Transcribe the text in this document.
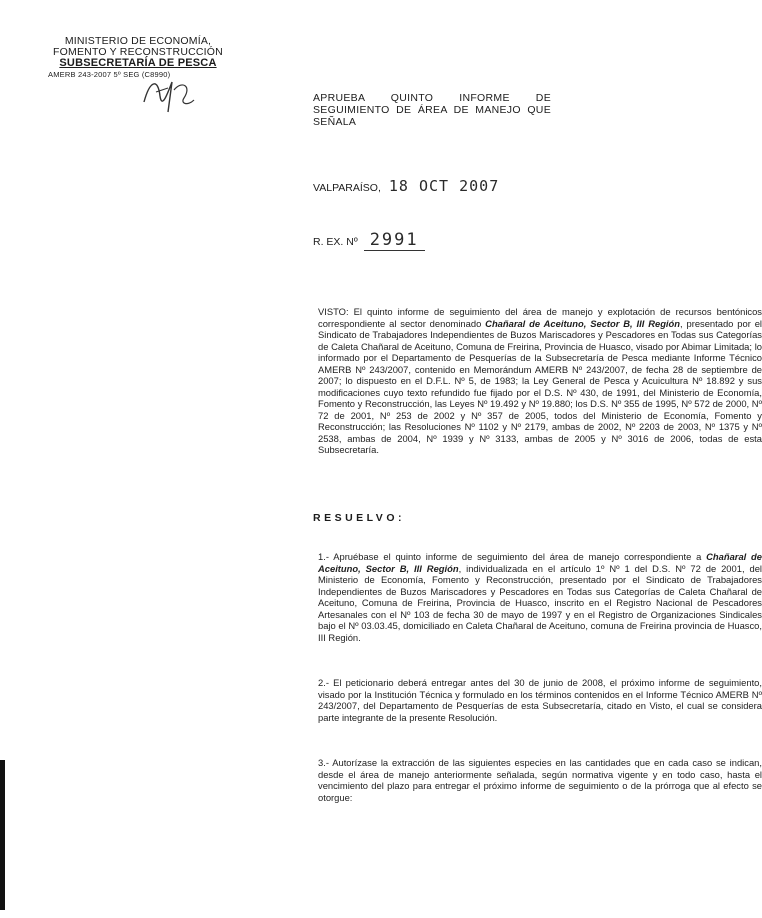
MINISTERIO DE ECONOMÍA,
FOMENTO Y RECONSTRUCCIÓN
SUBSECRETARÍA DE PESCA
AMERB 243-2007 5º SEG (C8990)
APRUEBA QUINTO INFORME DE SEGUIMIENTO DE ÁREA DE MANEJO QUE SEÑALA
VALPARAÍSO, 18 OCT 2007
R. EX. Nº 2991
VISTO: El quinto informe de seguimiento del área de manejo y explotación de recursos bentónicos correspondiente al sector denominado Chañaral de Aceituno, Sector B, III Región, presentado por el Sindicato de Trabajadores Independientes de Buzos Mariscadores y Pescadores en Todas sus Categorías de Caleta Chañaral de Aceituno, Comuna de Freirina, Provincia de Huasco, visado por Abimar Limitada; lo informado por el Departamento de Pesquerías de la Subsecretaría de Pesca mediante Informe Técnico AMERB Nº 243/2007, contenido en Memorándum AMERB Nº 243/2007, de fecha 28 de septiembre de 2007; lo dispuesto en el D.F.L. Nº 5, de 1983; la Ley General de Pesca y Acuicultura Nº 18.892 y sus modificaciones cuyo texto refundido fue fijado por el D.S. Nº 430, de 1991, del Ministerio de Economía, Fomento y Reconstrucción, las Leyes Nº 19.492 y Nº 19.880; los D.S. Nº 355 de 1995, Nº 572 de 2000, Nº 72 de 2001, Nº 253 de 2002 y Nº 357 de 2005, todos del Ministerio de Economía, Fomento y Reconstrucción; las Resoluciones Nº 1102 y Nº 2179, ambas de 2002, Nº 2203 de 2003, Nº 1375 y Nº 2538, ambas de 2004, Nº 1939 y Nº 3133, ambas de 2005 y Nº 3016 de 2006, todas de esta Subsecretaría.
RESUELVO:
1.- Apruébase el quinto informe de seguimiento del área de manejo correspondiente a Chañaral de Aceituno, Sector B, III Región, individualizada en el artículo 1º Nº 1 del D.S. Nº 72 de 2001, del Ministerio de Economía, Fomento y Reconstrucción, presentado por el Sindicato de Trabajadores Independientes de Buzos Mariscadores y Pescadores en Todas sus Categorías de Caleta Chañaral de Aceituno, Comuna de Freirina, Provincia de Huasco, inscrito en el Registro Nacional de Pescadores Artesanales con el Nº 103 de fecha 30 de mayo de 1997 y en el Registro de Organizaciones Sindicales bajo el Nº 03.03.45, domiciliado en Caleta Chañaral de Aceituno, comuna de Freirina provincia de Huasco, III Región.
2.- El peticionario deberá entregar antes del 30 de junio de 2008, el próximo informe de seguimiento, visado por la Institución Técnica y formulado en los términos contenidos en el Informe Técnico AMERB Nº 243/2007, del Departamento de Pesquerías de esta Subsecretaría, citado en Visto, el cual se considera parte integrante de la presente Resolución.
3.- Autorízase la extracción de las siguientes especies en las cantidades que en cada caso se indican, desde el área de manejo anteriormente señalada, según normativa vigente y en todo caso, hasta el vencimiento del plazo para entregar el próximo informe de seguimiento o de la prórroga que al efecto se otorgue:
